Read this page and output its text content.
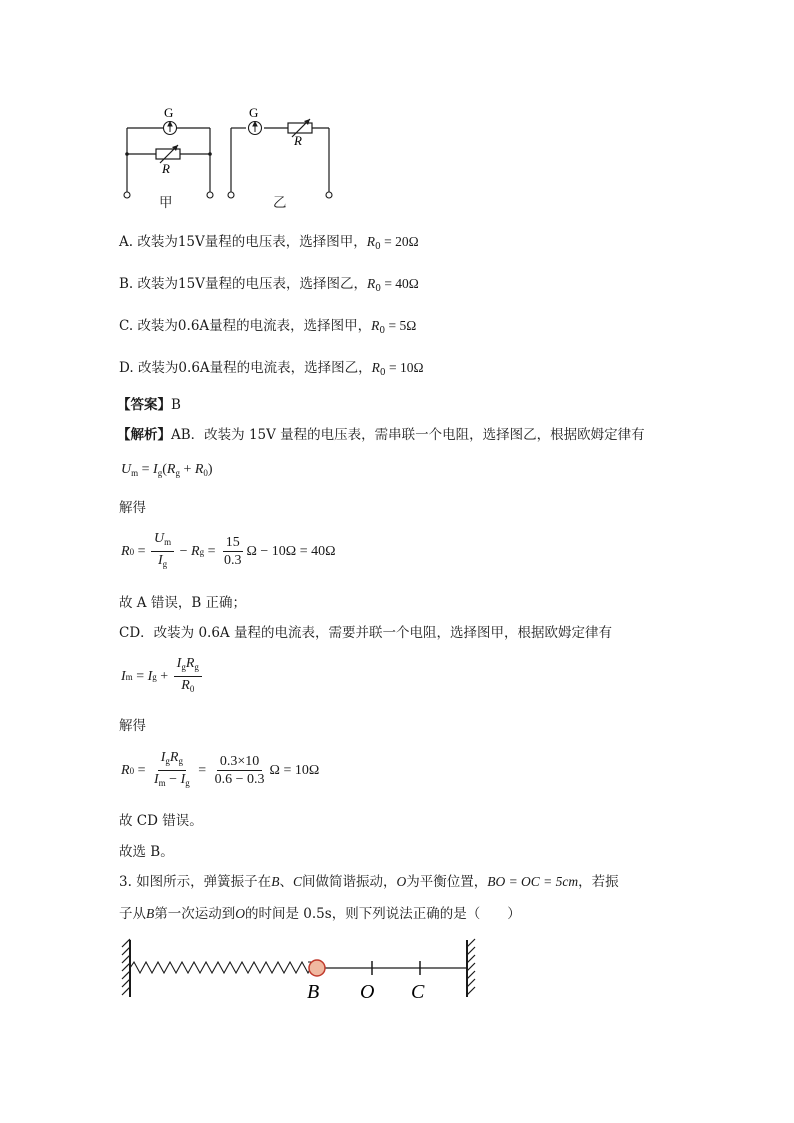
G	G
R
R
甲	乙
A. 改装为15V量程的电压表，选择图甲，$R_0 = 20\Omega$
B. 改装为15V量程的电压表，选择图乙，$R_0 = 40\Omega$
C. 改装为0.6A量程的电流表，选择图甲，$R_0 = 5\Omega$
D. 改装为0.6A量程的电流表，选择图乙，$R_0 = 10\Omega$
【答案】B
【解析】AB．改装为 15V 量程的电压表，需串联一个电阻，选择图乙，根据欧姆定律有
$U_m = I_g(R_g + R_0)$
解得
R $0 = \frac{U_m}{I_g} - R$ $g = \frac{15}{0.3}$ Ω − 10Ω = 40Ω
故 A 错误，B 正确；
CD．改装为 0.6A 量程的电流表，需要并联一个电阻，选择图甲，根据欧姆定律有
I m = I $g + \frac{I_gR_g}{R_0}$
解得
R $0 = \frac{I_gR_g}{I_m - I_g} = \frac{0.3\times 10}{0.6 - 0.3}$ Ω = 10Ω
故 CD 错误。
故选 B。
3. 如图所示，弹簧振子在B、C间做简谐振动，O为平衡位置，BO = OC = 5cm，若振
子从B第一次运动到O的时间是 0.5s，则下列说法正确的是（　　）
B O C
